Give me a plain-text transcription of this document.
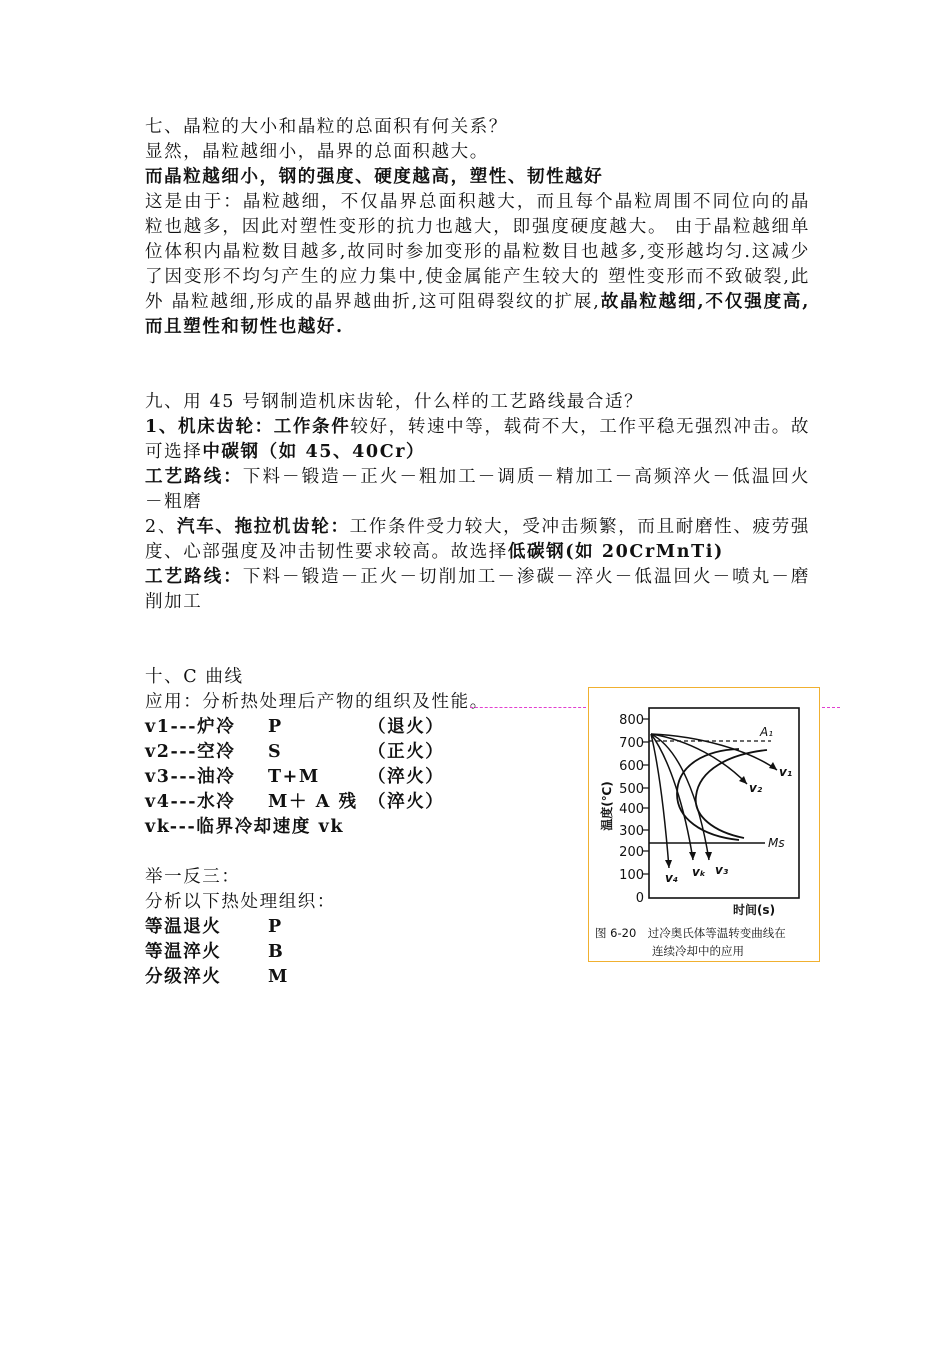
七、晶粒的大小和晶粒的总面积有何关系？
显然，晶粒越细小，晶界的总面积越大。
而晶粒越细小，钢的强度、硬度越高，塑性、韧性越好
这是由于：晶粒越细，不仅晶界总面积越大，而且每个晶粒周围不同位向的晶粒也越多，因此对塑性变形的抗力也越大，即强度硬度越大。 由于晶粒越细单位体积内晶粒数目越多,故同时参加变形的晶粒数目也越多,变形越均匀.这减少了因变形不均匀产生的应力集中,使金属能产生较大的 塑性变形而不致破裂,此外 晶粒越细,形成的晶界越曲折,这可阻碍裂纹的扩展,故晶粒越细,不仅强度高,而且塑性和韧性也越好.
九、用 45 号钢制造机床齿轮，什么样的工艺路线最合适？
1、机床齿轮：工作条件较好，转速中等，载荷不大，工作平稳无强烈冲击。故可选择中碳钢（如 45、40Cr）
工艺路线：下料－锻造－正火－粗加工－调质－精加工－高频淬火－低温回火－粗磨
2、汽车、拖拉机齿轮：工作条件受力较大，受冲击频繁，而且耐磨性、疲劳强度、心部强度及冲击韧性要求较高。故选择低碳钢(如 20CrMnTi)
工艺路线：下料－锻造－正火－切削加工－渗碳－淬火－低温回火－喷丸－磨削加工
十、C 曲线
应用：分析热处理后产物的组织及性能。
v1---炉冷 P	（退火）
v2---空冷 S	（正火）
v3---油冷 T+M	（淬火）
v4---水冷 M＋ A 残 （淬火）
vk---临界冷却速度 vk
举一反三：
分析以下热处理组织：
等温退火	P
等温淬火	B
分级淬火	M
800
700
600
500
400
300
200
100
0
温度(℃)
时间(s)
A₁
Ms
v₁
v₂
v₃
vₖ
v₄
图 6-20　过冷奥氏体等温转变曲线在
连续冷却中的应用
